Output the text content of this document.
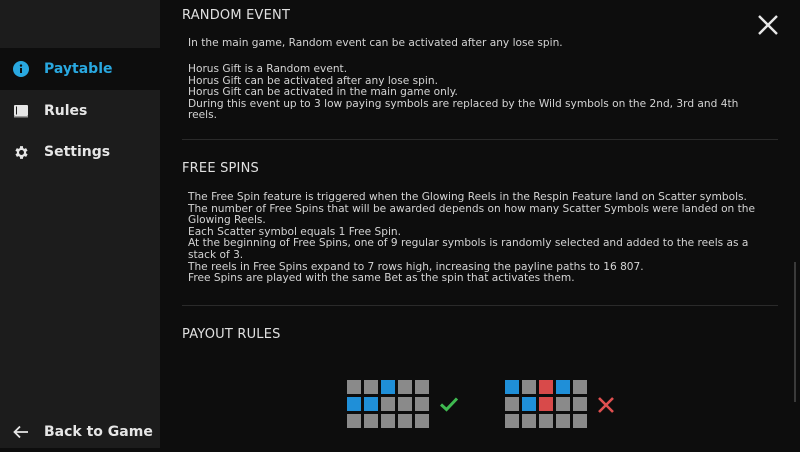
Paytable
Rules
Settings
Back to Game
RANDOM EVENT
In the main game, Random event can be activated after any lose spin.
Horus Gift is a Random event.
Horus Gift can be activated after any lose spin.
Horus Gift can be activated in the main game only.
During this event up to 3 low paying symbols are replaced by the Wild symbols on the 2nd, 3rd and 4th reels.
FREE SPINS
The Free Spin feature is triggered when the Glowing Reels in the Respin Feature land on Scatter symbols.
The number of Free Spins that will be awarded depends on how many Scatter Symbols were landed on the Glowing Reels.
Each Scatter symbol equals 1 Free Spin.
At the beginning of Free Spins, one of 9 regular symbols is randomly selected and added to the reels as a stack of 3.
The reels in Free Spins expand to 7 rows high, increasing the payline paths to 16 807.
Free Spins are played with the same Bet as the spin that activates them.
PAYOUT RULES
